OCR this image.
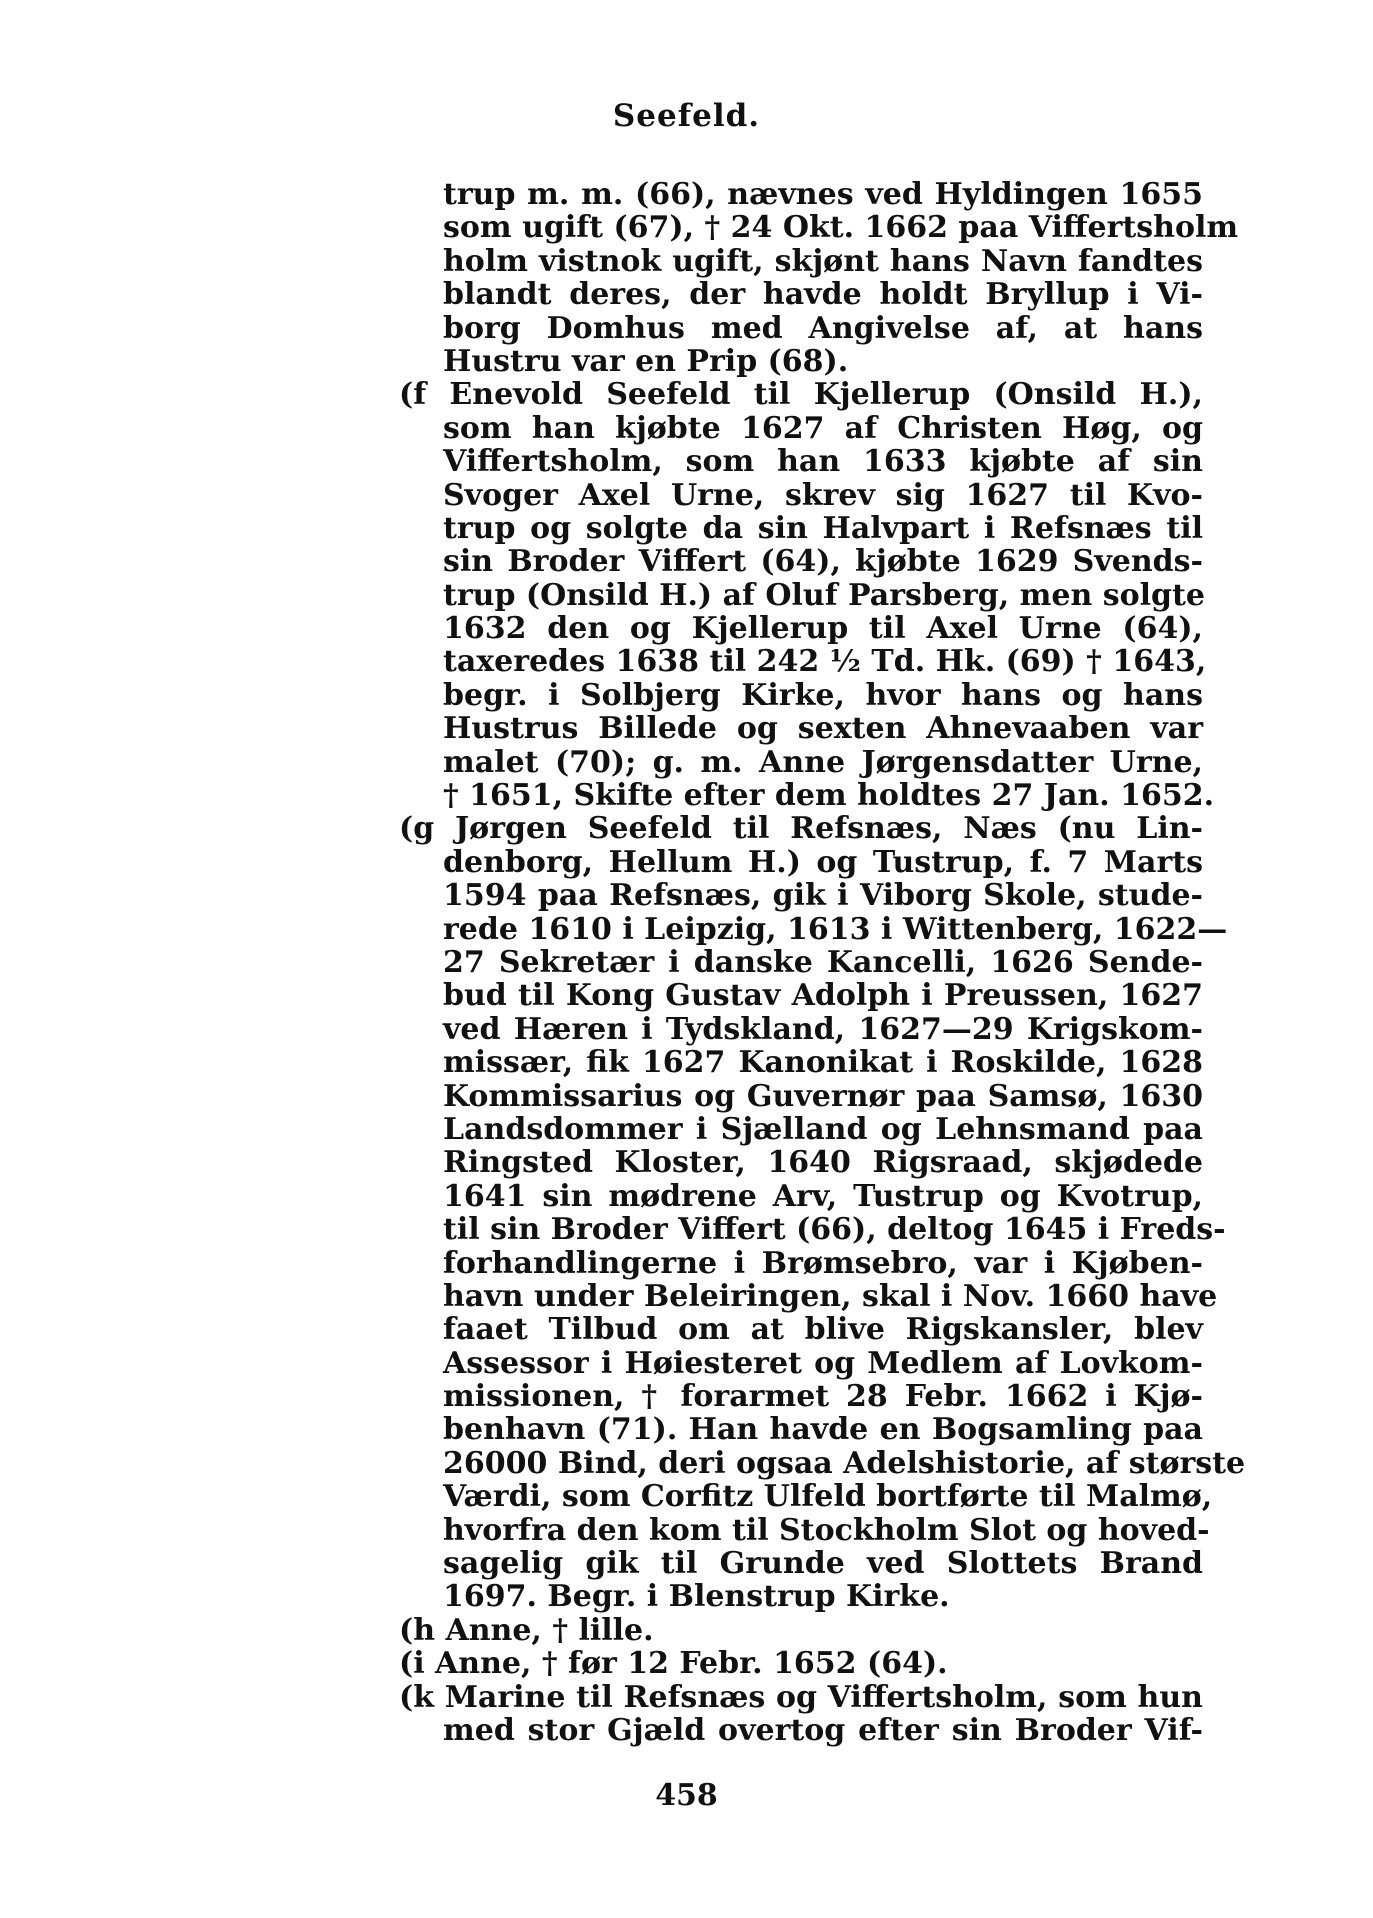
Seefeld.
trup m. m. (66), nævnes ved Hyldingen 1655
som ugift (67), † 24 Okt. 1662 paa Viffertsholm
holm vistnok ugift, skjønt hans Navn fandtes
blandt deres, der havde holdt Bryllup i Vi-
borg Domhus med Angivelse af, at hans
Hustru var en Prip (68).
(f Enevold Seefeld til Kjellerup (Onsild H.),
som han kjøbte 1627 af Christen Høg, og
Viffertsholm, som han 1633 kjøbte af sin
Svoger Axel Urne, skrev sig 1627 til Kvo-
trup og solgte da sin Halvpart i Refsnæs til
sin Broder Viffert (64), kjøbte 1629 Svends-
trup (Onsild H.) af Oluf Parsberg, men solgte
1632 den og Kjellerup til Axel Urne (64),
taxeredes 1638 til 242 ½ Td. Hk. (69) † 1643,
begr. i Solbjerg Kirke, hvor hans og hans
Hustrus Billede og sexten Ahnevaaben var
malet (70); g. m. Anne Jørgensdatter Urne,
† 1651, Skifte efter dem holdtes 27 Jan. 1652.
(g Jørgen Seefeld til Refsnæs, Næs (nu Lin-
denborg, Hellum H.) og Tustrup, f. 7 Marts
1594 paa Refsnæs, gik i Viborg Skole, stude-
rede 1610 i Leipzig, 1613 i Wittenberg, 1622—
27 Sekretær i danske Kancelli, 1626 Sende-
bud til Kong Gustav Adolph i Preussen, 1627
ved Hæren i Tydskland, 1627—29 Krigskom-
missær, fik 1627 Kanonikat i Roskilde, 1628
Kommissarius og Guvernør paa Samsø, 1630
Landsdommer i Sjælland og Lehnsmand paa
Ringsted Kloster, 1640 Rigsraad, skjødede
1641 sin mødrene Arv, Tustrup og Kvotrup,
til sin Broder Viffert (66), deltog 1645 i Freds-
forhandlingerne i Brømsebro, var i Kjøben-
havn under Beleiringen, skal i Nov. 1660 have
faaet Tilbud om at blive Rigskansler, blev
Assessor i Høiesteret og Medlem af Lovkom-
missionen, † forarmet 28 Febr. 1662 i Kjø-
benhavn (71). Han havde en Bogsamling paa
26000 Bind, deri ogsaa Adelshistorie, af største
Værdi, som Corfitz Ulfeld bortførte til Malmø,
hvorfra den kom til Stockholm Slot og hoved-
sagelig gik til Grunde ved Slottets Brand
1697. Begr. i Blenstrup Kirke.
(h Anne, † lille.
(i Anne, † før 12 Febr. 1652 (64).
(k Marine til Refsnæs og Viffertsholm, som hun
med stor Gjæld overtog efter sin Broder Vif-
458
